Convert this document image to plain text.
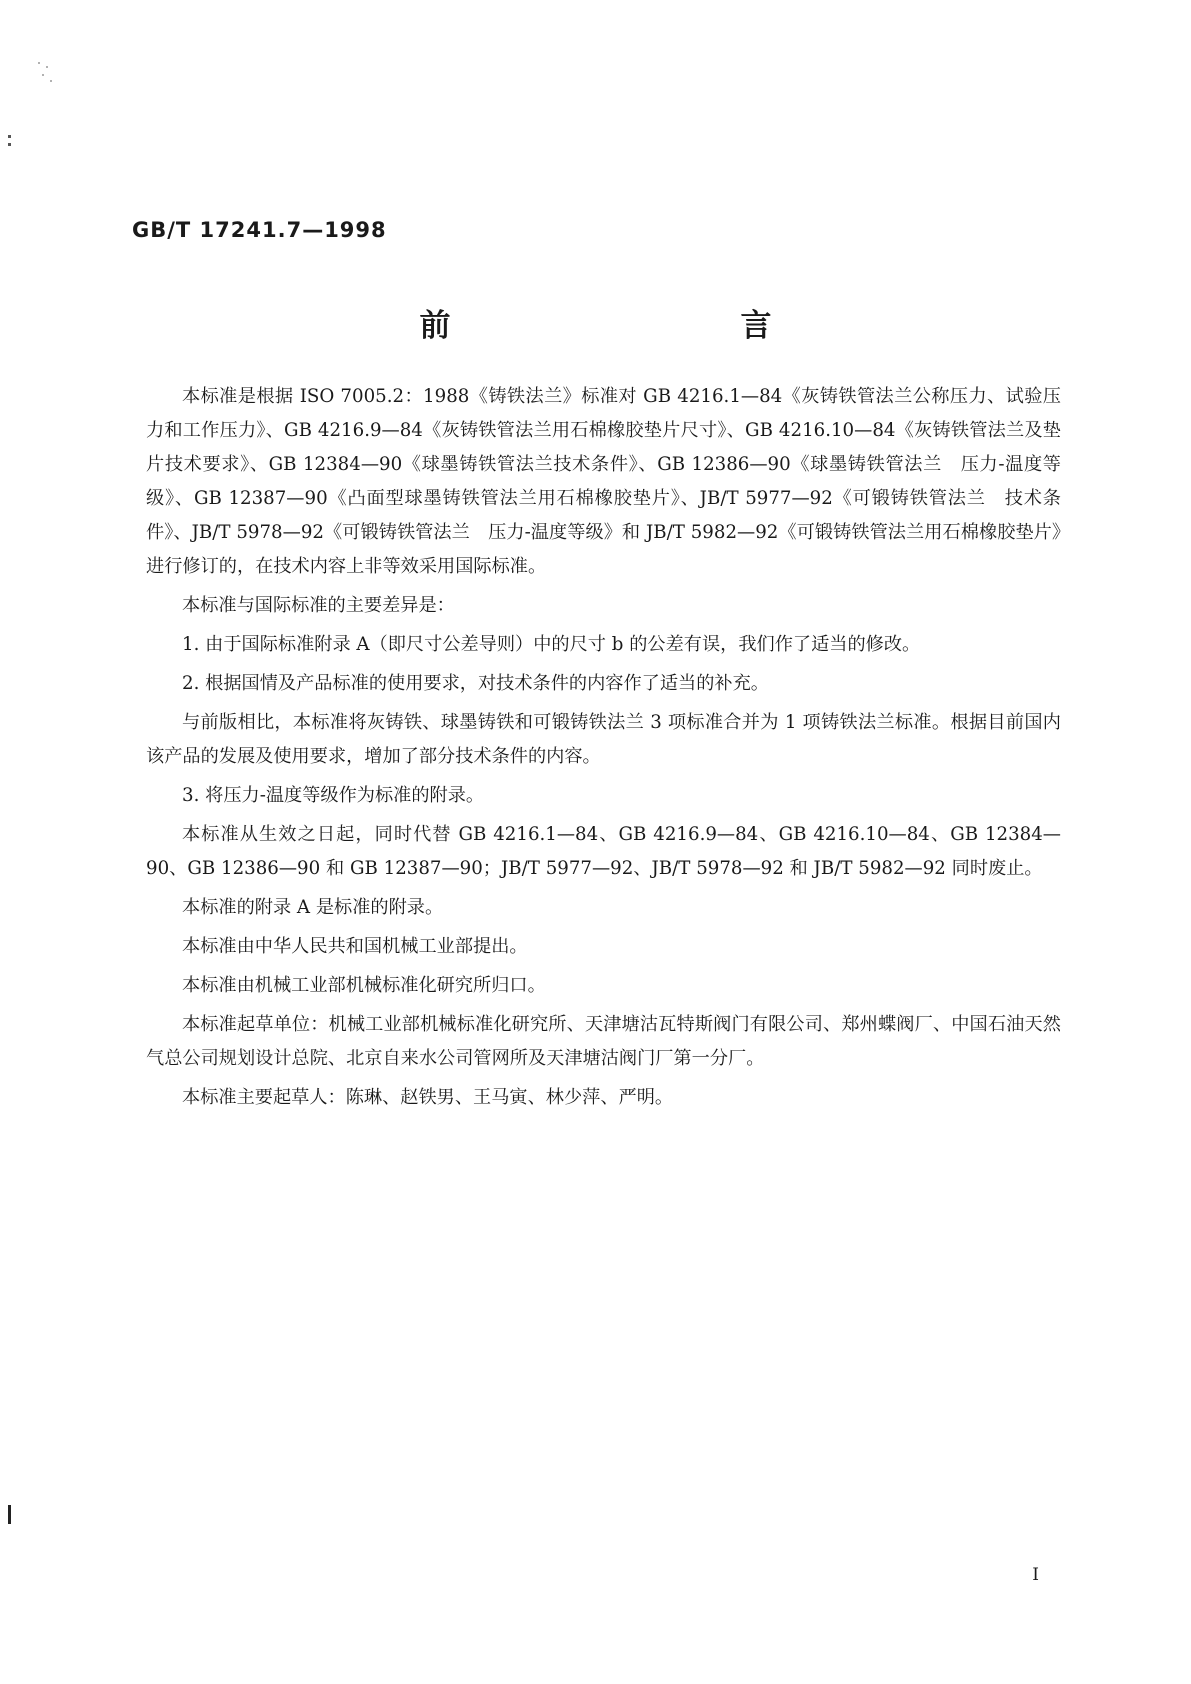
GB/T 17241.7—1998
前　　言

本标准是根据 ISO 7005.2：1988《铸铁法兰》标准对 GB 4216.1—84《灰铸铁管法兰公称压力、试验压力和工作压力》、GB 4216.9—84《灰铸铁管法兰用石棉橡胶垫片尺寸》、GB 4216.10—84《灰铸铁管法兰及垫片技术要求》、GB 12384—90《球墨铸铁管法兰技术条件》、GB 12386—90《球墨铸铁管法兰　压力-温度等级》、GB 12387—90《凸面型球墨铸铁管法兰用石棉橡胶垫片》、JB/T 5977—92《可锻铸铁管法兰　技术条件》、JB/T 5978—92《可锻铸铁管法兰　压力-温度等级》和 JB/T 5982—92《可锻铸铁管法兰用石棉橡胶垫片》进行修订的，在技术内容上非等效采用国际标准。

本标准与国际标准的主要差异是：

1. 由于国际标准附录 A（即尺寸公差导则）中的尺寸 b 的公差有误，我们作了适当的修改。

2. 根据国情及产品标准的使用要求，对技术条件的内容作了适当的补充。

与前版相比，本标准将灰铸铁、球墨铸铁和可锻铸铁法兰 3 项标准合并为 1 项铸铁法兰标准。根据目前国内该产品的发展及使用要求，增加了部分技术条件的内容。

3. 将压力-温度等级作为标准的附录。

本标准从生效之日起，同时代替 GB 4216.1—84、GB 4216.9—84、GB 4216.10—84、GB 12384—90、GB 12386—90 和 GB 12387—90；JB/T 5977—92、JB/T 5978—92 和 JB/T 5982—92 同时废止。

本标准的附录 A 是标准的附录。

本标准由中华人民共和国机械工业部提出。

本标准由机械工业部机械标准化研究所归口。

本标准起草单位：机械工业部机械标准化研究所、天津塘沽瓦特斯阀门有限公司、郑州蝶阀厂、中国石油天然气总公司规划设计总院、北京自来水公司管网所及天津塘沽阀门厂第一分厂。

本标准主要起草人：陈琳、赵铁男、王马寅、林少萍、严明。

I
